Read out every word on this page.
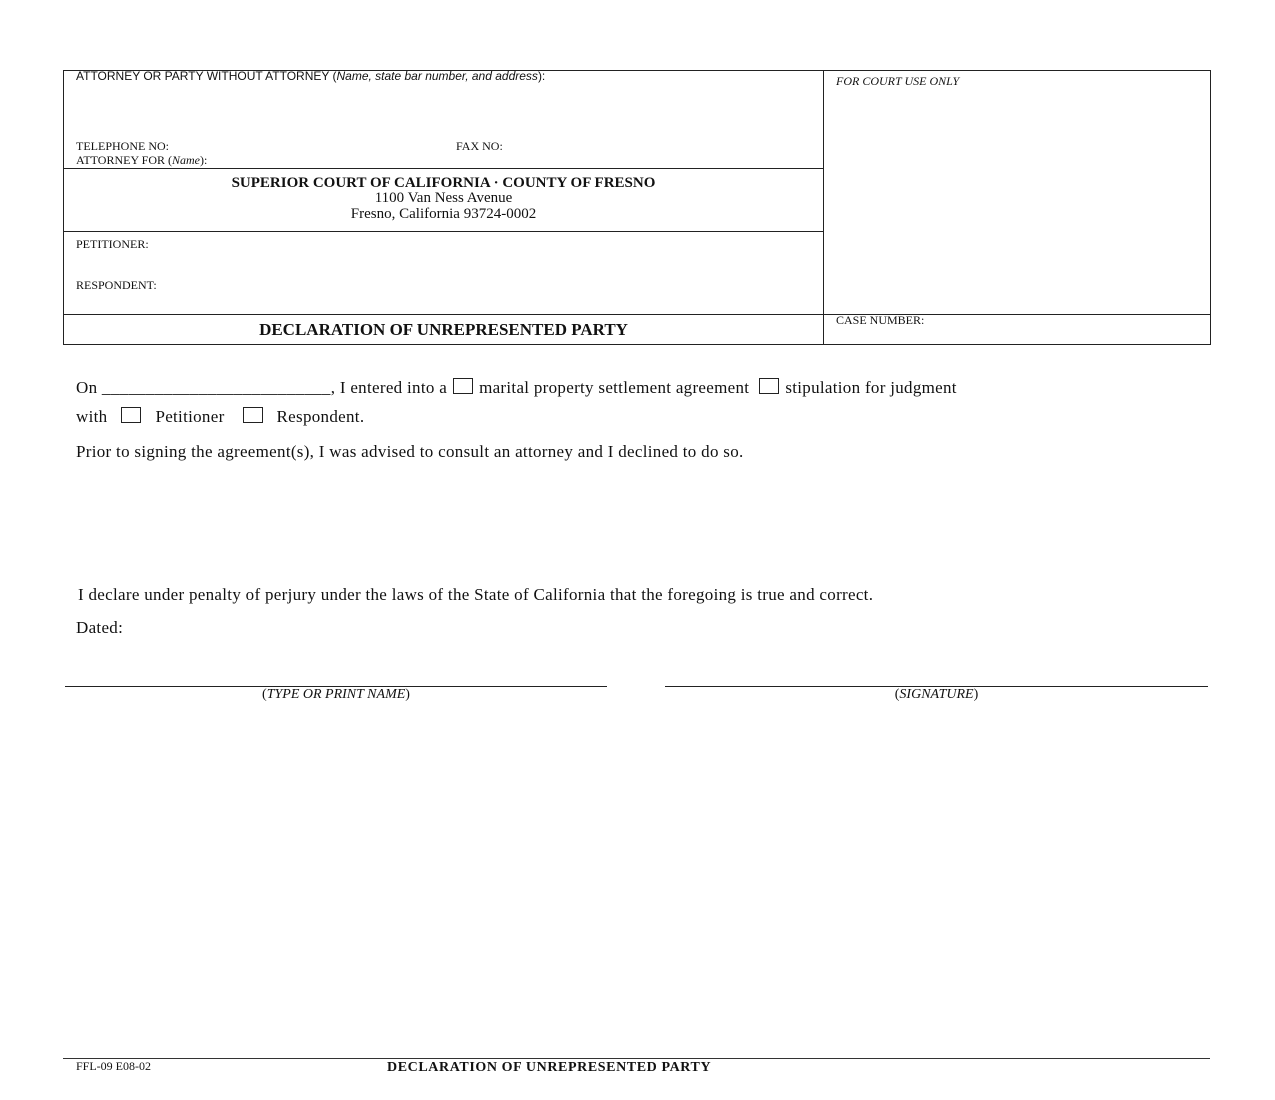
ATTORNEY OR PARTY WITHOUT ATTORNEY (Name, state bar number, and address):
TELEPHONE NO:	FAX NO:
ATTORNEY FOR (Name):
FOR COURT USE ONLY
SUPERIOR COURT OF CALIFORNIA · COUNTY OF FRESNO
1100 Van Ness Avenue
Fresno, California 93724-0002
PETITIONER:
RESPONDENT:
DECLARATION OF UNREPRESENTED PARTY	CASE NUMBER:
On __________________________, I entered into a marital property settlement agreement stipulation for judgment
with	Petitioner	Respondent.
Prior to signing the agreement(s), I was advised to consult an attorney and I declined to do so.
I declare under penalty of perjury under the laws of the State of California that the foregoing is true and correct.
Dated:
(TYPE OR PRINT NAME)	(SIGNATURE)
FFL-09 E08-02	DECLARATION OF UNREPRESENTED PARTY
